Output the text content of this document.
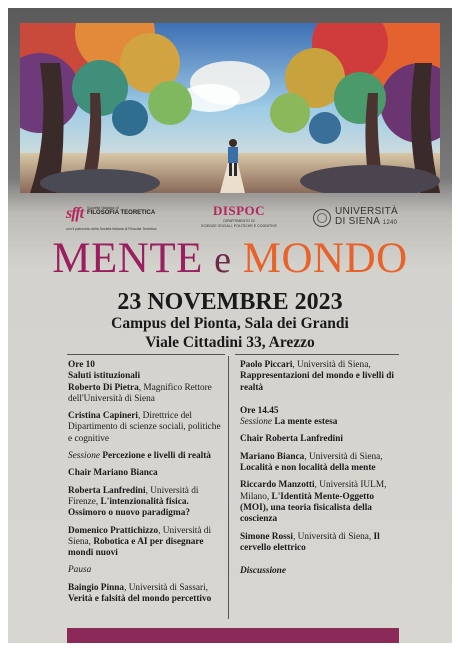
sfft Società Italiana di
FILOSOFIA TEORETICA
con il patrocinio della Società Italiana di Filosofia Teoretica
DISPOC
DIPARTIMENTO DI
SCIENZE SOCIALI, POLITICHE E COGNITIVE
UNIVERSITÀ
DI SIENA 1240
MENTE e MONDO
23 NOVEMBRE 2023
Campus del Pionta, Sala dei Grandi
Viale Cittadini 33, Arezzo
Ore 10
Saluti istituzionali
Roberto Di Pietra, Magnifico Rettore dell'Università di Siena
Cristina Capineri, Direttrice del Dipartimento di scienze sociali, politiche e cognitive
Sessione Percezione e livelli di realtà
Chair Mariano Bianca
Roberta Lanfredini, Università di Firenze, L'intenzionalità fisica. Ossimoro o nuovo paradigma?
Domenico Prattichizzo, Università di Siena, Robotica e AI per disegnare mondi nuovi
Pausa
Baingio Pinna, Università di Sassari, Verità e falsità del mondo percettivo
Paolo Piccari, Università di Siena, Rappresentazioni del mondo e livelli di realtà
Ore 14.45
Sessione La mente estesa
Chair Roberta Lanfredini
Mariano Bianca, Università di Siena, Località e non località della mente
Riccardo Manzotti, Università IULM, Milano, L'Identità Mente-Oggetto (MOI), una teoria fisicalista della coscienza
Simone Rossi, Università di Siena, Il cervello elettrico
Discussione
